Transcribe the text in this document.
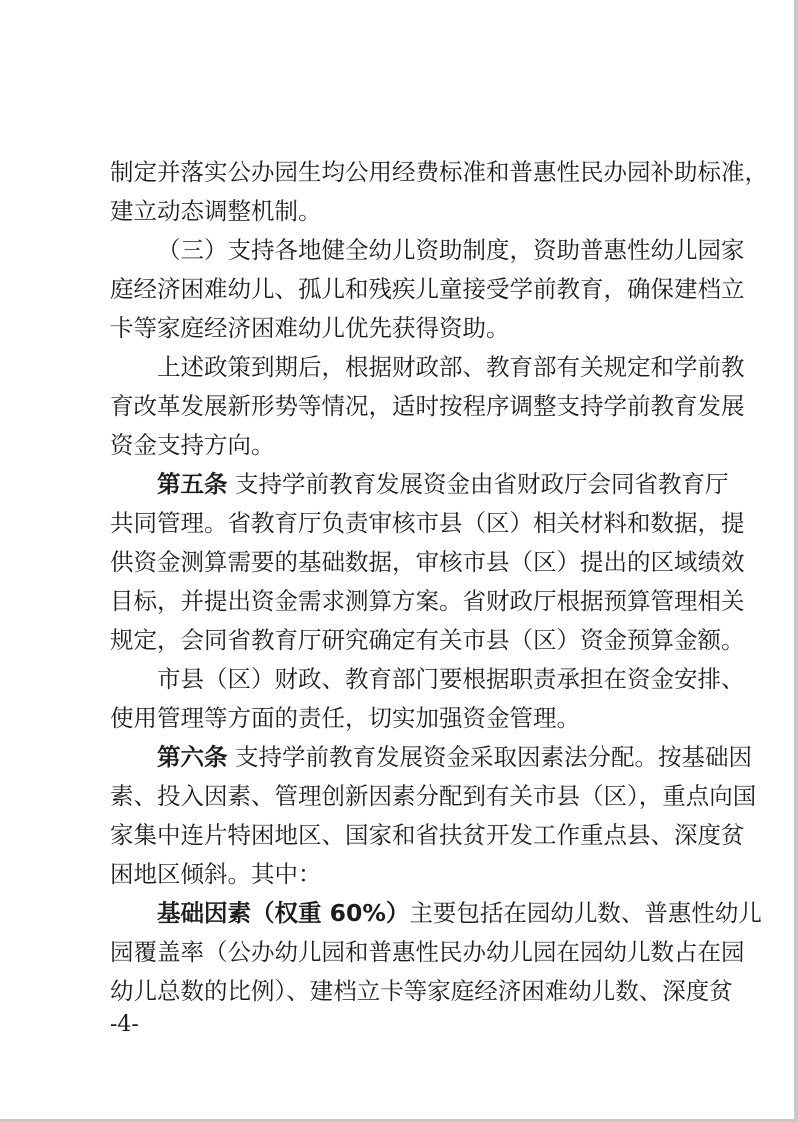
制定并落实公办园生均公用经费标准和普惠性民办园补助标准，
建立动态调整机制。
（三）支持各地健全幼儿资助制度，资助普惠性幼儿园家
庭经济困难幼儿、孤儿和残疾儿童接受学前教育，确保建档立
卡等家庭经济困难幼儿优先获得资助。
上述政策到期后，根据财政部、教育部有关规定和学前教
育改革发展新形势等情况，适时按程序调整支持学前教育发展
资金支持方向。
第五条 支持学前教育发展资金由省财政厅会同省教育厅
共同管理。省教育厅负责审核市县（区）相关材料和数据，提
供资金测算需要的基础数据，审核市县（区）提出的区域绩效
目标，并提出资金需求测算方案。省财政厅根据预算管理相关
规定，会同省教育厅研究确定有关市县（区）资金预算金额。
市县（区）财政、教育部门要根据职责承担在资金安排、
使用管理等方面的责任，切实加强资金管理。
第六条 支持学前教育发展资金采取因素法分配。按基础因
素、投入因素、管理创新因素分配到有关市县（区），重点向国
家集中连片特困地区、国家和省扶贫开发工作重点县、深度贫
困地区倾斜。其中：
基础因素（权重 60%）主要包括在园幼儿数、普惠性幼儿
园覆盖率（公办幼儿园和普惠性民办幼儿园在园幼儿数占在园
幼儿总数的比例）、建档立卡等家庭经济困难幼儿数、深度贫
-4-
